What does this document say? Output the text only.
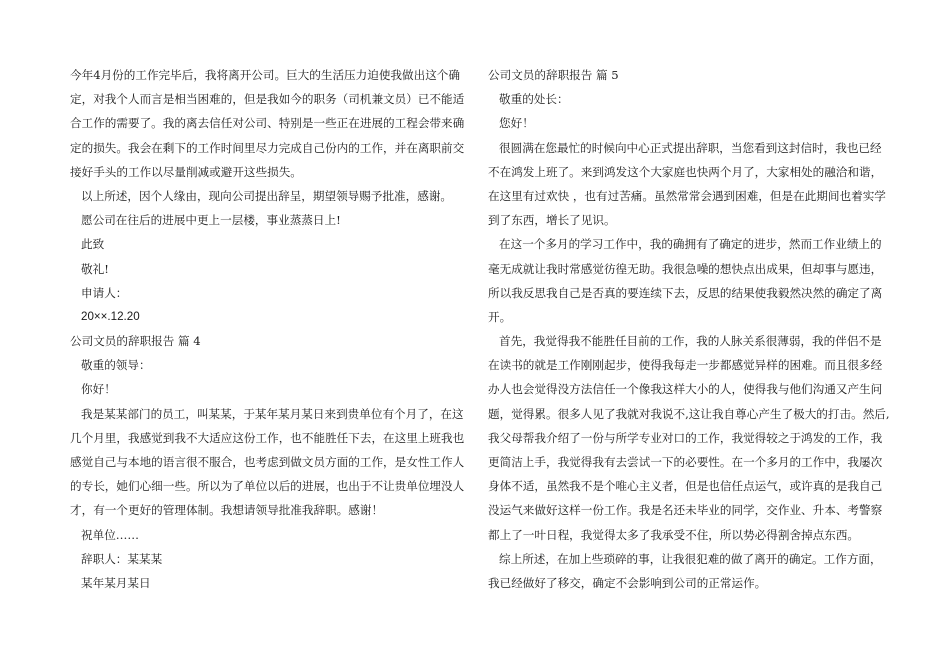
今年4月份的工作完毕后，我将离开公司。巨大的生活压力迫使我做出这个确
定，对我个人而言是相当困难的，但是我如今的职务（司机兼文员）已不能适
合工作的需要了。我的离去信任对公司、特别是一些正在进展的工程会带来确
定的损失。我会在剩下的工作时间里尽力完成自己份内的工作，并在离职前交
接好手头的工作以尽量削减或避开这些损失。
以上所述，因个人缘由，现向公司提出辞呈，期望领导赐予批准，感谢。
愿公司在往后的进展中更上一层楼，事业蒸蒸日上!
此致
敬礼!
申请人：
20××.12.20
公司文员的辞职报告 篇 4
敬重的领导：
你好！
我是某某部门的员工，叫某某，于某年某月某日来到贵单位有个月了，在这
几个月里，我感觉到我不大适应这份工作，也不能胜任下去，在这里上班我也
感觉自己与本地的语言很不服合，也考虑到做文员方面的工作，是女性工作人
的专长，她们心细一些。所以为了单位以后的进展，也出于不让贵单位埋没人
才，有一个更好的管理体制。我想请领导批准我辞职。感谢！
祝单位……
辞职人：某某某
某年某月某日
公司文员的辞职报告 篇 5
敬重的处长：
您好！
很圆满在您最忙的时候向中心正式提出辞职，当您看到这封信时，我也已经
不在鸿发上班了。来到鸿发这个大家庭也快两个月了，大家相处的融洽和谐，
在这里有过欢快 ，也有过苦痛。虽然常常会遇到困难，但是在此期间也着实学
到了东西，增长了见识。
在这一个多月的学习工作中，我的确拥有了确定的进步，然而工作业绩上的
毫无成就让我时常感觉彷徨无助。我很急噪的想快点出成果，但却事与愿违，
所以我反思我自己是否真的要连续下去，反思的结果使我毅然决然的确定了离
开。
首先，我觉得我不能胜任目前的工作，我的人脉关系很薄弱，我的伴侣不是
在读书的就是工作刚刚起步，使得我每走一步都感觉异样的困难。而且很多经
办人也会觉得没方法信任一个像我这样大小的人，使得我与他们沟通又产生问
题，觉得累。很多人见了我就对我说不,这让我自尊心产生了极大的打击。然后,
我父母帮我介绍了一份与所学专业对口的工作，我觉得较之于鸿发的工作，我
更简洁上手，我觉得我有去尝试一下的必要性。在一个多月的工作中，我屡次
身体不适，虽然我不是个唯心主义者，但是也信任点运气，或许真的是我自己
没运气来做好这样一份工作。我是名还未毕业的同学，交作业、升本、考警察
都上了一叶日程，我觉得太多了我承受不住，所以势必得割舍掉点东西。
综上所述，在加上些琐碎的事，让我很犯难的做了离开的确定。工作方面，
我已经做好了移交，确定不会影响到公司的正常运作。
